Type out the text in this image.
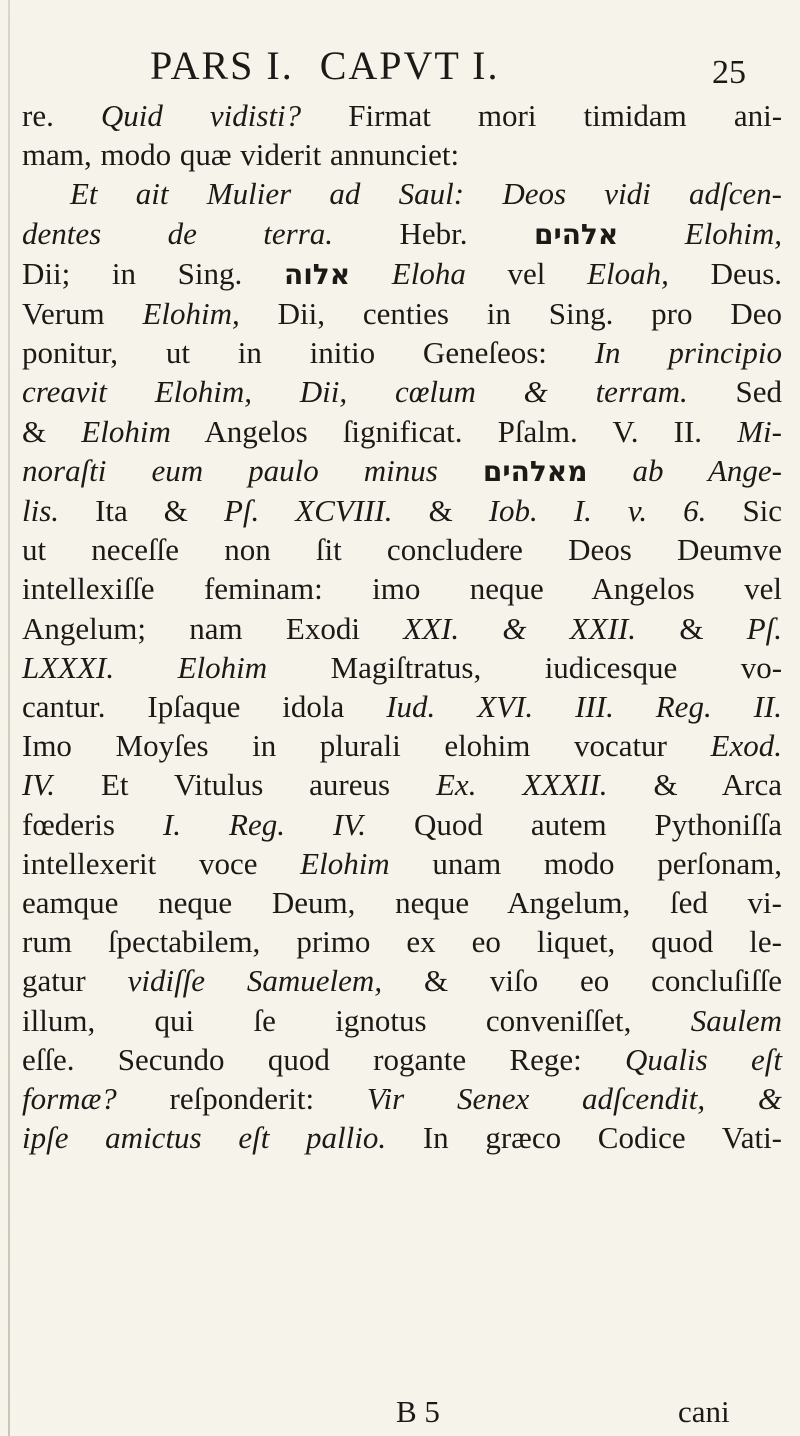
PARS I. CAPVT I.	25

re. Quid vidisti? Firmat mori timidam ani-

mam, modo quæ viderit annunciet:

Et ait Mulier ad Saul: Deos vidi adſcen-

dentes de terra. Hebr. אלהים Elohim,

Dii; in Sing. אלוה Eloha vel Eloah, Deus.

Verum Elohim, Dii, centies in Sing. pro Deo

ponitur, ut in initio Geneſeos: In principio

creavit Elohim, Dii, cœlum & terram. Sed

& Elohim Angelos ſignificat. Pſalm. V. II. Mi-

noraſti eum paulo minus מאלהים ab Ange-

lis. Ita & Pſ. XCVIII. & Iob. I. v. 6. Sic

ut neceſſe non ſit concludere Deos Deumve

intellexiſſe feminam: imo neque Angelos vel

Angelum; nam Exodi XXI. & XXII. & Pſ.

LXXXI. Elohim Magiſtratus, iudicesque vo-

cantur. Ipſaque idola Iud. XVI. III. Reg. II.

Imo Moyſes in plurali elohim vocatur Exod.

IV. Et Vitulus aureus Ex. XXXII. & Arca

fœderis I. Reg. IV. Quod autem Pythoniſſa

intellexerit voce Elohim unam modo perſonam,

eamque neque Deum, neque Angelum, ſed vi-

rum ſpectabilem, primo ex eo liquet, quod le-

gatur vidiſſe Samuelem, & viſo eo concluſiſſe

illum, qui ſe ignotus conveniſſet, Saulem

eſſe. Secundo quod rogante Rege: Qualis eſt

formæ? reſponderit: Vir Senex adſcendit, &

ipſe amictus eſt pallio. In græco Codice Vati-

B 5	cani
